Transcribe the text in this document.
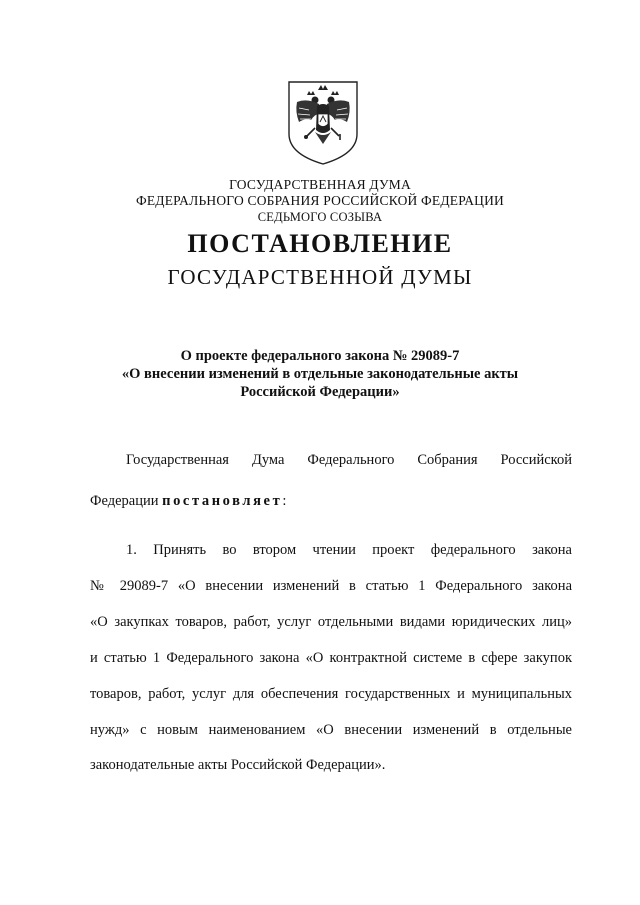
ГОСУДАРСТВЕННАЯ ДУМА
ФЕДЕРАЛЬНОГО СОБРАНИЯ РОССИЙСКОЙ ФЕДЕРАЦИИ
СЕДЬМОГО СОЗЫВА
ПОСТАНОВЛЕНИЕ
ГОСУДАРСТВЕННОЙ ДУМЫ
О проекте федерального закона № 29089-7
«О внесении изменений в отдельные законодательные акты
Российской Федерации»
Государственная Дума Федерального Собрания Российской
Федерации постановляет:
1. Принять во втором чтении проект федерального закона
№ 29089-7 «О внесении изменений в статью 1 Федерального закона
«О закупках товаров, работ, услуг отдельными видами юридических лиц»
и статью 1 Федерального закона «О контрактной системе в сфере закупок
товаров, работ, услуг для обеспечения государственных и муниципальных
нужд» с новым наименованием «О внесении изменений в отдельные
законодательные акты Российской Федерации».
